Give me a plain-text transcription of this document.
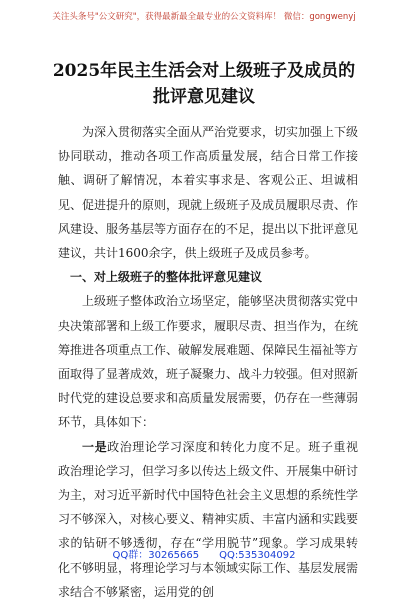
关注头条号"公文研究"，获得最新最全最专业的公文资料库！ 微信：gongwenyj
2025年民主生活会对上级班子及成员的
批评意见建议

为深入贯彻落实全面从严治党要求，切实加强上下级协同联动，推动各项工作高质量发展，结合日常工作接触、调研了解情况，本着实事求是、客观公正、坦诚相见、促进提升的原则，现就上级班子及成员履职尽责、作风建设、服务基层等方面存在的不足，提出以下批评意见建议，共计1600余字，供上级班子及成员参考。

一、对上级班子的整体批评意见建议

上级班子整体政治立场坚定，能够坚决贯彻落实党中央决策部署和上级工作要求，履职尽责、担当作为，在统筹推进各项重点工作、破解发展难题、保障民生福祉等方面取得了显著成效，班子凝聚力、战斗力较强。但对照新时代党的建设总要求和高质量发展需要，仍存在一些薄弱环节，具体如下：

一是政治理论学习深度和转化力度不足。班子重视政治理论学习，但学习多以传达上级文件、开展集中研讨为主，对习近平新时代中国特色社会主义思想的系统性学习不够深入，对核心要义、精神实质、丰富内涵和实践要求的钻研不够透彻，存在“学用脱节”现象。学习成果转化不够明显，将理论学习与本领域实际工作、基层发展需求结合不够紧密，运用党的创

QQ群：30265665 QQ:535304092
